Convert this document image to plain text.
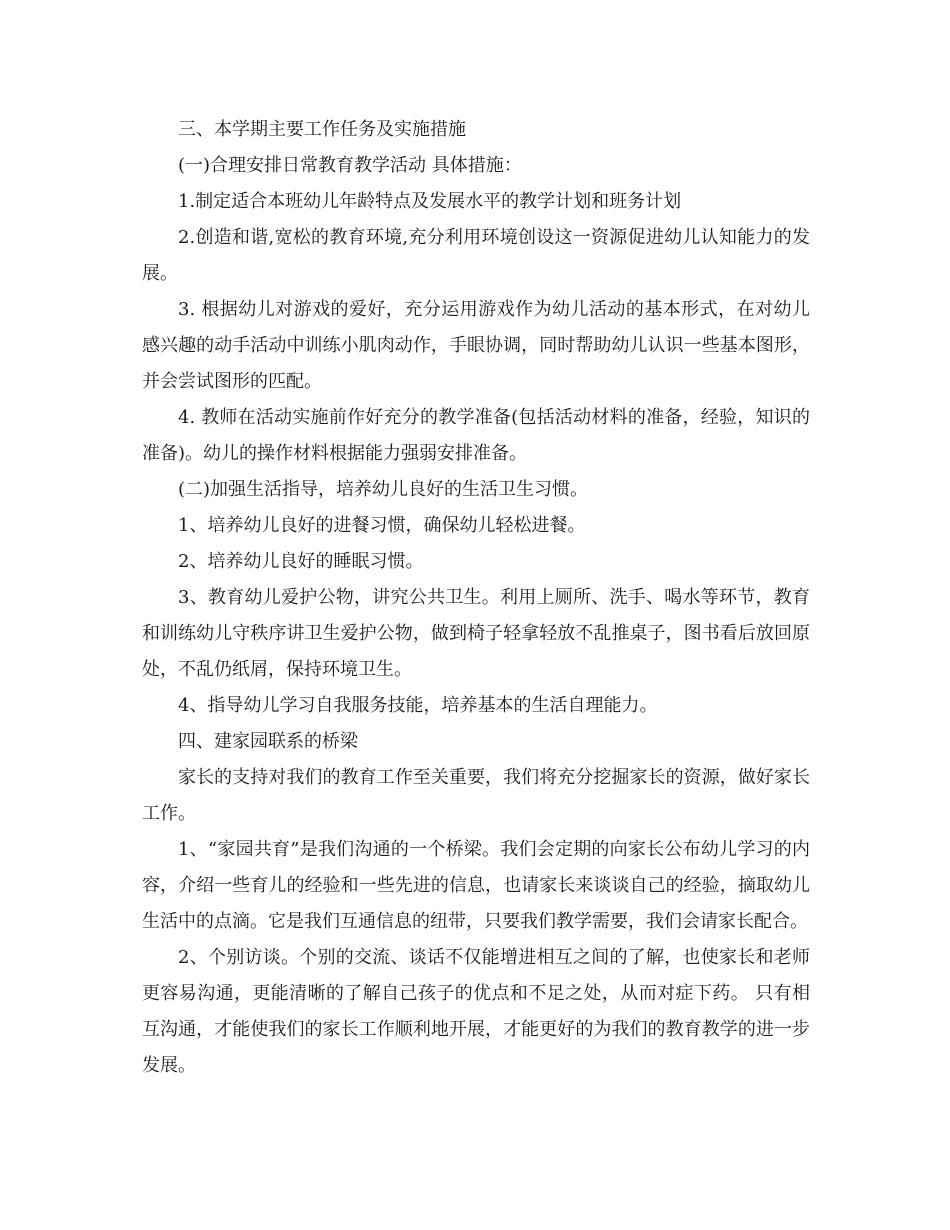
三、本学期主要工作任务及实施措施

(一)合理安排日常教育教学活动 具体措施：

1.制定适合本班幼儿年龄特点及发展水平的教学计划和班务计划

2.创造和谐,宽松的教育环境,充分利用环境创设这一资源促进幼儿认知能力的发展。

3. 根据幼儿对游戏的爱好，充分运用游戏作为幼儿活动的基本形式，在对幼儿感兴趣的动手活动中训练小肌肉动作，手眼协调，同时帮助幼儿认识一些基本图形，并会尝试图形的匹配。

4. 教师在活动实施前作好充分的教学准备(包括活动材料的准备，经验，知识的准备)。幼儿的操作材料根据能力强弱安排准备。

(二)加强生活指导，培养幼儿良好的生活卫生习惯。

1、培养幼儿良好的进餐习惯，确保幼儿轻松进餐。

2、培养幼儿良好的睡眠习惯。

3、教育幼儿爱护公物，讲究公共卫生。利用上厕所、洗手、喝水等环节，教育和训练幼儿守秩序讲卫生爱护公物，做到椅子轻拿轻放不乱推桌子，图书看后放回原处，不乱仍纸屑，保持环境卫生。

4、指导幼儿学习自我服务技能，培养基本的生活自理能力。

四、建家园联系的桥梁

家长的支持对我们的教育工作至关重要，我们将充分挖掘家长的资源，做好家长工作。

1、“家园共育”是我们沟通的一个桥梁。我们会定期的向家长公布幼儿学习的内容，介绍一些育儿的经验和一些先进的信息，也请家长来谈谈自己的经验，摘取幼儿生活中的点滴。它是我们互通信息的纽带，只要我们教学需要，我们会请家长配合。

2、个别访谈。个别的交流、谈话不仅能增进相互之间的了解，也使家长和老师更容易沟通，更能清晰的了解自己孩子的优点和不足之处，从而对症下药。 只有相互沟通，才能使我们的家长工作顺利地开展，才能更好的为我们的教育教学的进一步发展。
